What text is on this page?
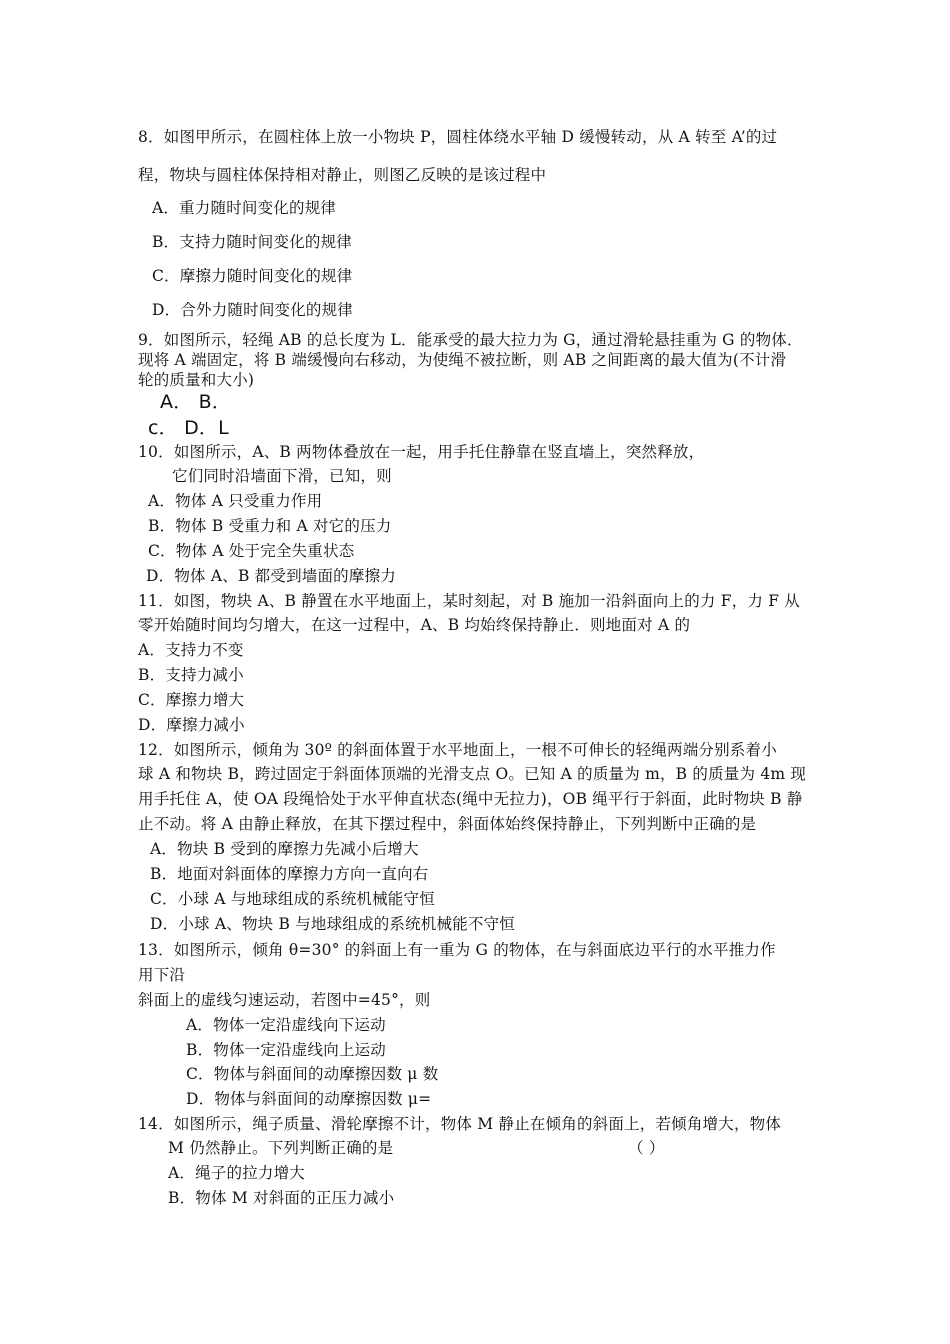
8．如图甲所示，在圆柱体上放一小物块 P，圆柱体绕水平轴 D 缓慢转动，从 A 转至 A’的过
程，物块与圆柱体保持相对静止，则图乙反映的是该过程中
A．重力随时间变化的规律
B．支持力随时间变化的规律
C．摩擦力随时间变化的规律
D．合外力随时间变化的规律
9．如图所示，轻绳 AB 的总长度为 L．能承受的最大拉力为 G，通过滑轮悬挂重为 G 的物体．
现将 A 端固定，将 B 端缓慢向右移动，为使绳不被拉断，则 AB 之间距离的最大值为(不计滑
轮的质量和大小)
A． B．
c． D．L
10．如图所示，A、B 两物体叠放在一起，用手托住静靠在竖直墙上，突然释放，
它们同时沿墙面下滑，已知，则
A．物体 A 只受重力作用
B．物体 B 受重力和 A 对它的压力
C．物体 A 处于完全失重状态
D．物体 A、B 都受到墙面的摩擦力
11．如图，物块 A、B 静置在水平地面上，某时刻起，对 B 施加一沿斜面向上的力 F，力 F 从
零开始随时间均匀增大，在这一过程中，A、B 均始终保持静止．则地面对 A 的
A．支持力不变
B．支持力减小
C．摩擦力增大
D．摩擦力减小
12．如图所示，倾角为 30º 的斜面体置于水平地面上，一根不可伸长的轻绳两端分别系着小
球 A 和物块 B，跨过固定于斜面体顶端的光滑支点 O。已知 A 的质量为 m，B 的质量为 4m 现
用手托住 A，使 OA 段绳恰处于水平伸直状态(绳中无拉力)，OB 绳平行于斜面，此时物块 B 静
止不动。将 A 由静止释放，在其下摆过程中，斜面体始终保持静止，下列判断中正确的是
A．物块 B 受到的摩擦力先减小后增大
B．地面对斜面体的摩擦力方向一直向右
C．小球 A 与地球组成的系统机械能守恒
D．小球 A、物块 B 与地球组成的系统机械能不守恒
13．如图所示，倾角 θ=30° 的斜面上有一重为 G 的物体，在与斜面底边平行的水平推力作
用下沿
斜面上的虚线匀速运动，若图中=45°，则
A．物体一定沿虚线向下运动
B．物体一定沿虚线向上运动
C．物体与斜面间的动摩擦因数 μ 数
D．物体与斜面间的动摩擦因数 μ=
14．如图所示，绳子质量、滑轮摩擦不计，物体 M 静止在倾角的斜面上，若倾角增大，物体
M 仍然静止。下列判断正确的是	（ ）
A．绳子的拉力增大
B．物体 M 对斜面的正压力减小
